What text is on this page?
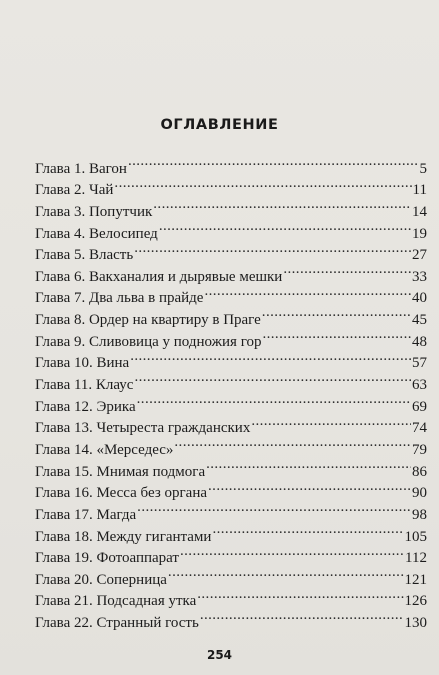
ОГЛАВЛЕНИЕ
Глава 1. Вагон .....	5
Глава 2. Чай .....	11
Глава 3. Попутчик .....	14
Глава 4. Велосипед .....	19
Глава 5. Власть .....	27
Глава 6. Вакханалия и дырявые мешки .....	33
Глава 7. Два льва в прайде .....	40
Глава 8. Ордер на квартиру в Праге .....	45
Глава 9. Сливовица у подножия гор .....	48
Глава 10. Вина .....	57
Глава 11. Клаус .....	63
Глава 12. Эрика .....	69
Глава 13. Четыреста гражданских .....	74
Глава 14. «Мерседес» .....	79
Глава 15. Мнимая подмога .....	86
Глава 16. Месса без органа .....	90
Глава 17. Магда .....	98
Глава 18. Между гигантами .....	105
Глава 19. Фотоаппарат .....	112
Глава 20. Соперница .....	121
Глава 21. Подсадная утка .....	126
Глава 22. Странный гость .....	130
254
